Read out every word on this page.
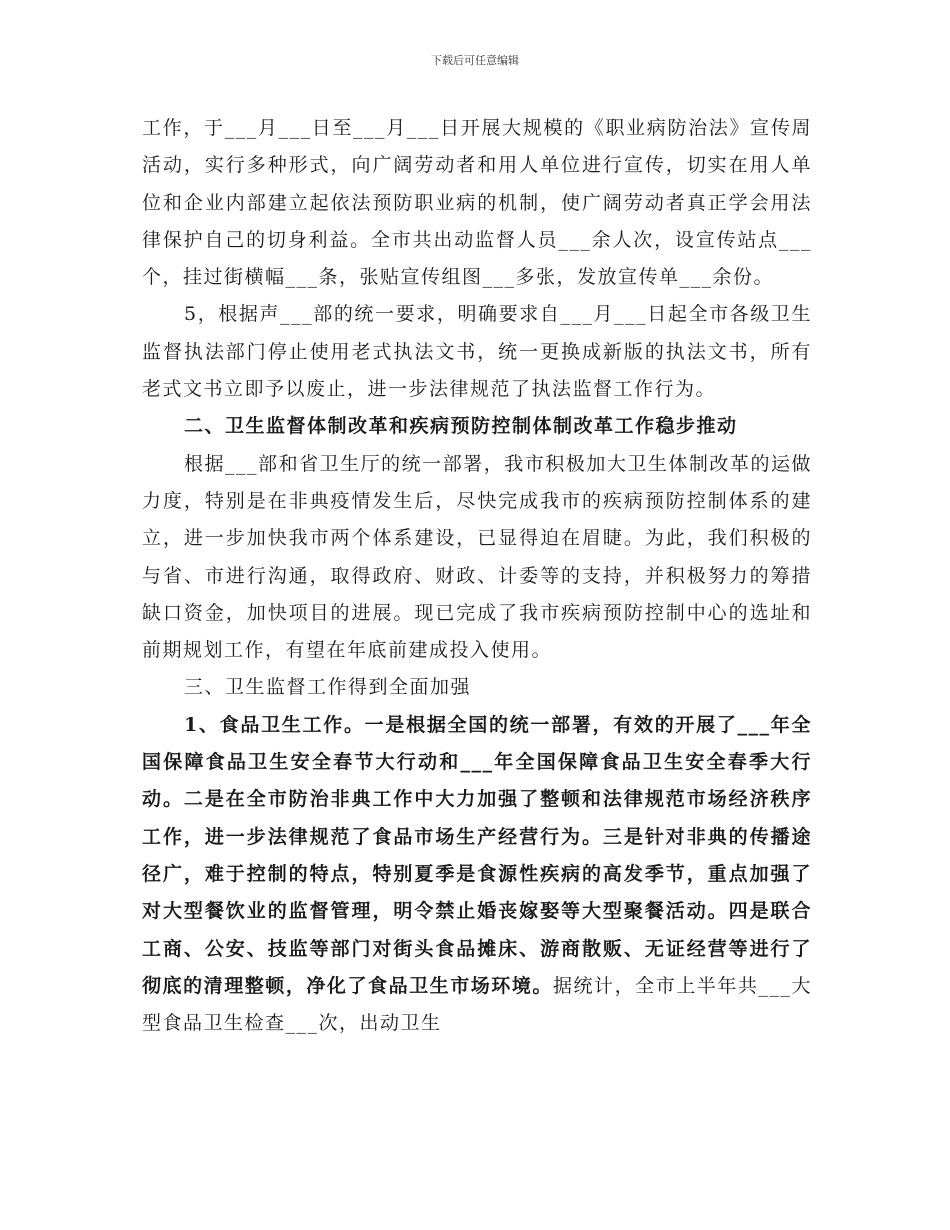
下载后可任意编辑

工作，于___月___日至___月___日开展大规模的《职业病防治法》宣传周活动，实行多种形式，向广阔劳动者和用人单位进行宣传，切实在用人单位和企业内部建立起依法预防职业病的机制，使广阔劳动者真正学会用法律保护自己的切身利益。全市共出动监督人员___余人次，设宣传站点___个，挂过街横幅___条，张贴宣传组图___多张，发放宣传单___余份。

5，根据声___部的统一要求，明确要求自___月___日起全市各级卫生监督执法部门停止使用老式执法文书，统一更换成新版的执法文书，所有老式文书立即予以废止，进一步法律规范了执法监督工作行为。

二、卫生监督体制改革和疾病预防控制体制改革工作稳步推动

根据___部和省卫生厅的统一部署，我市积极加大卫生体制改革的运做力度，特别是在非典疫情发生后，尽快完成我市的疾病预防控制体系的建立，进一步加快我市两个体系建设，已显得迫在眉睫。为此，我们积极的与省、市进行沟通，取得政府、财政、计委等的支持，并积极努力的筹措缺口资金，加快项目的进展。现已完成了我市疾病预防控制中心的选址和前期规划工作，有望在年底前建成投入使用。

三、卫生监督工作得到全面加强

1、食品卫生工作。一是根据全国的统一部署，有效的开展了___年全国保障食品卫生安全春节大行动和___年全国保障食品卫生安全春季大行动。二是在全市防治非典工作中大力加强了整顿和法律规范市场经济秩序工作，进一步法律规范了食品市场生产经营行为。三是针对非典的传播途径广，难于控制的特点，特别夏季是食源性疾病的高发季节，重点加强了对大型餐饮业的监督管理，明令禁止婚丧嫁娶等大型聚餐活动。四是联合工商、公安、技监等部门对街头食品摊床、游商散贩、无证经营等进行了彻底的清理整顿，净化了食品卫生市场环境。据统计，全市上半年共___大型食品卫生检查___次，出动卫生
